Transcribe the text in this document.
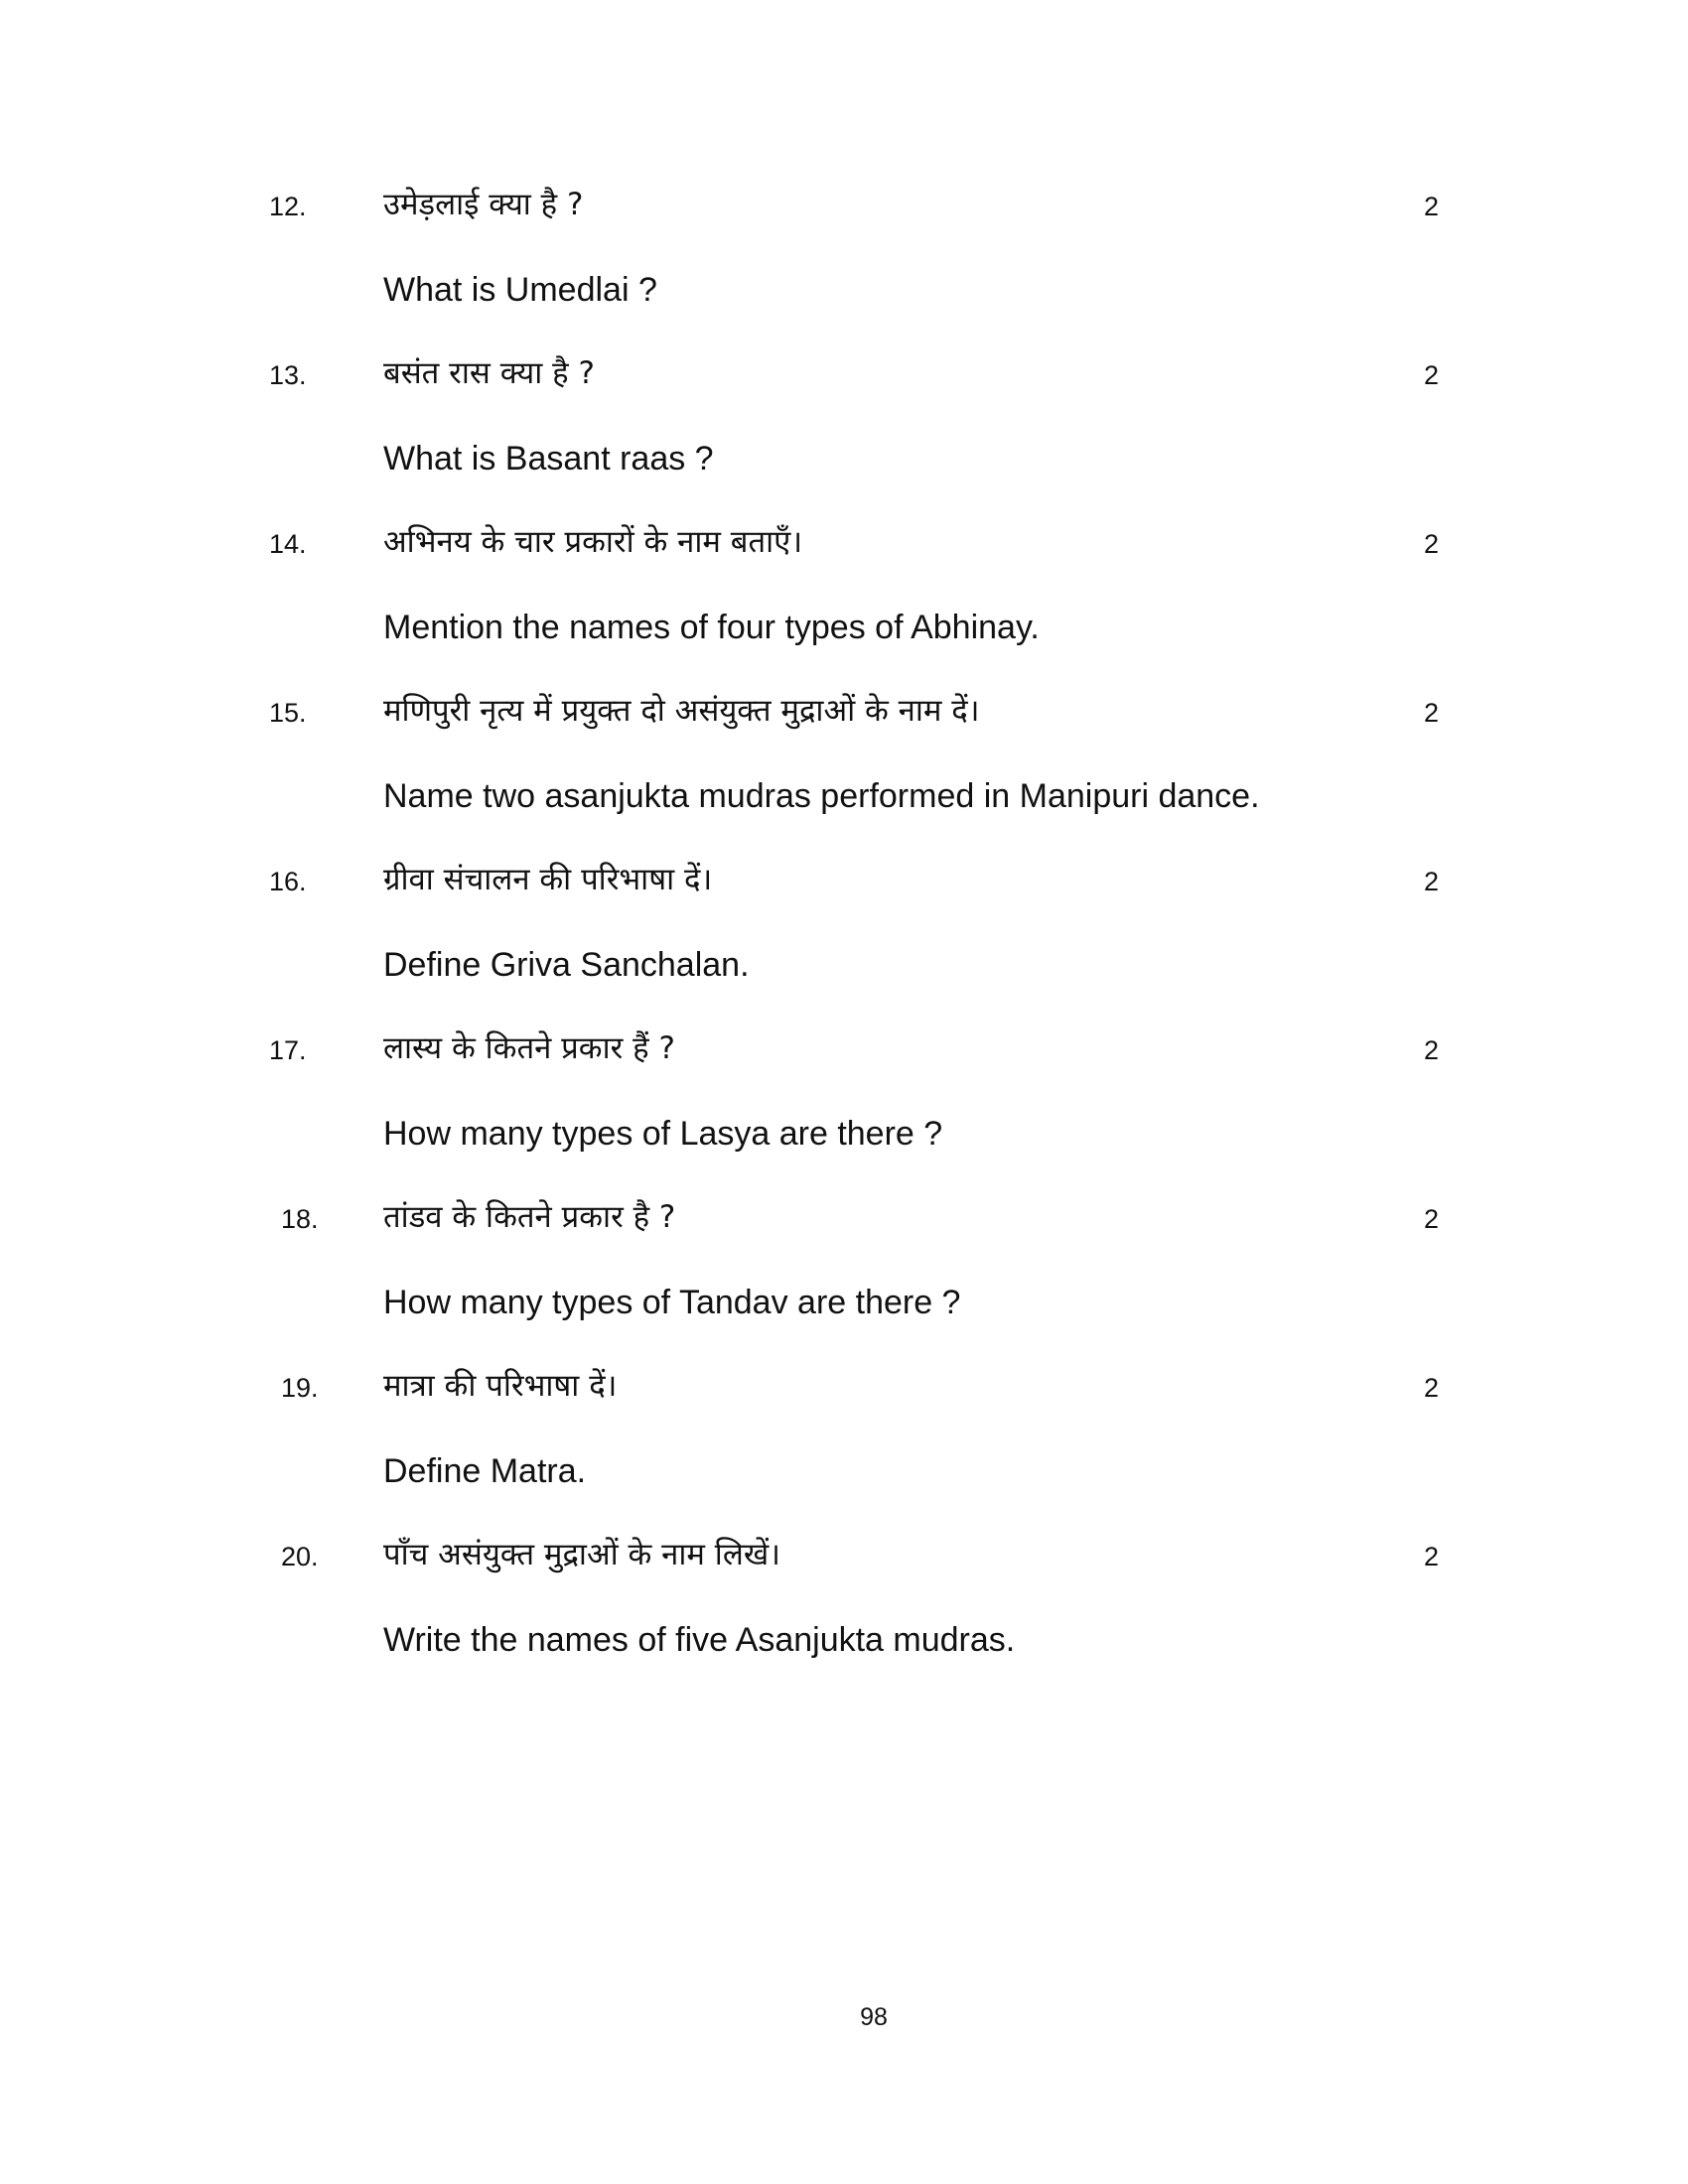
12. उमेड़लाई क्या है ?	2
What is Umedlai ?
13. बसंत रास क्या है ?	2
What is Basant raas ?
14. अभिनय के चार प्रकारों के नाम बताएँ।	2
Mention the names of four types of Abhinay.
15. मणिपुरी नृत्य में प्रयुक्त दो असंयुक्त मुद्राओं के नाम दें।	2
Name two asanjukta mudras performed in Manipuri dance.
16. ग्रीवा संचालन की परिभाषा दें।	2
Define Griva Sanchalan.
17. लास्य के कितने प्रकार हैं ?	2
How many types of Lasya are there ?
18. तांडव के कितने प्रकार है ?	2
How many types of Tandav are there ?
19. मात्रा की परिभाषा दें।	2
Define Matra.
20. पाँच असंयुक्त मुद्राओं के नाम लिखें।	2
Write the names of five Asanjukta mudras.
98
